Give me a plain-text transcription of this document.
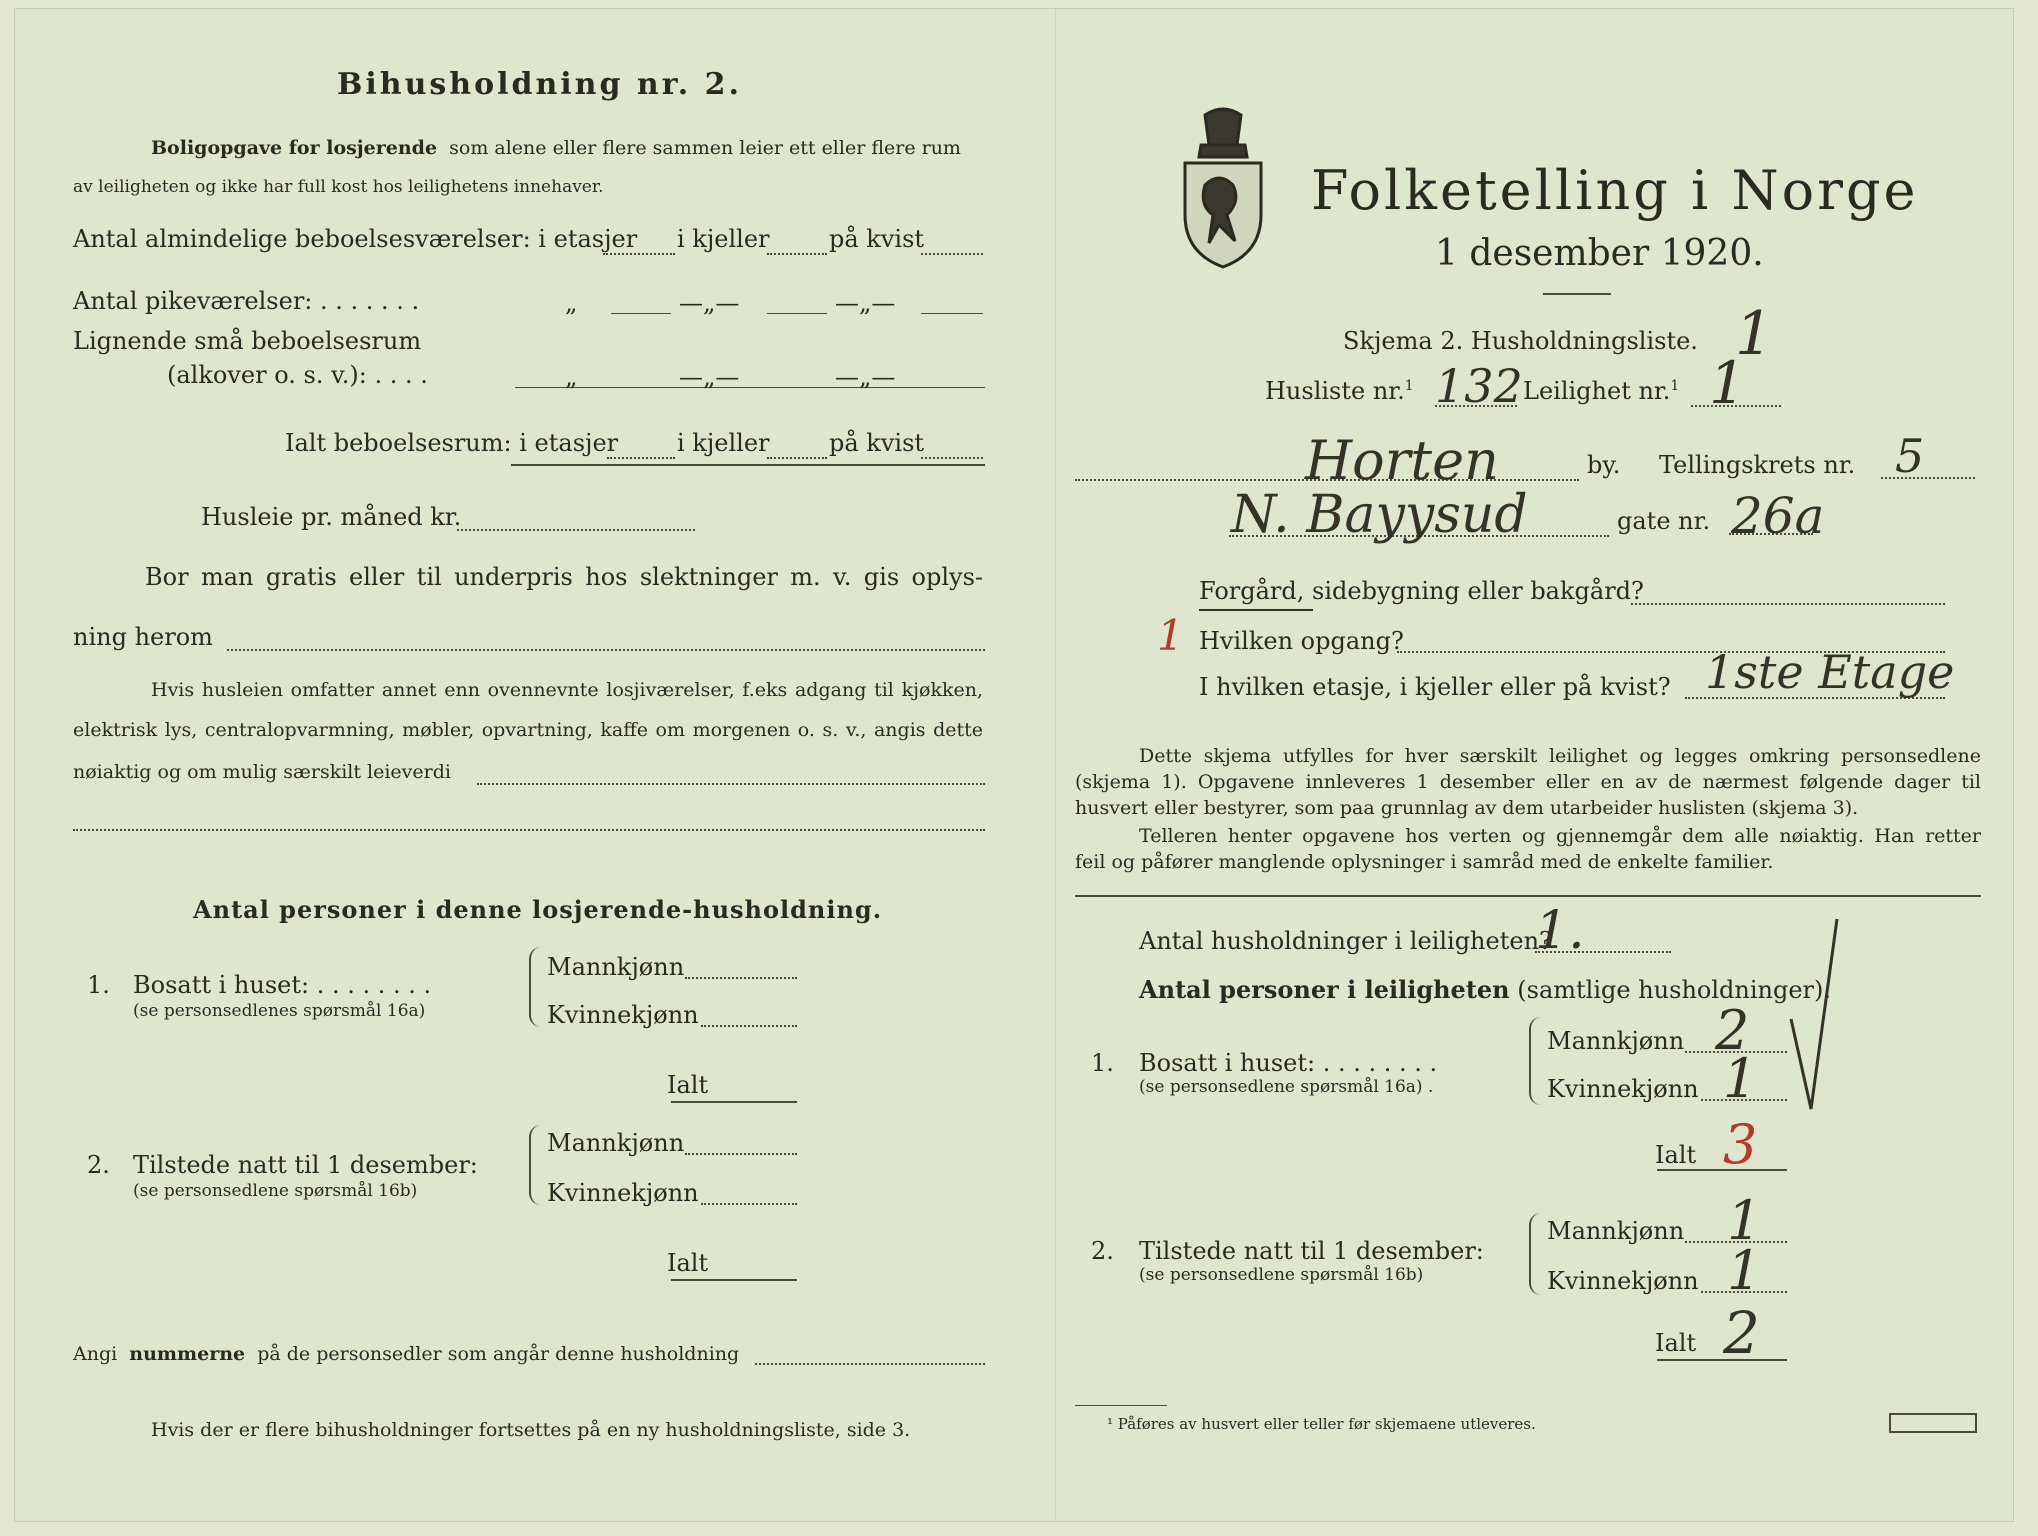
Bihusholdning nr. 2.
Boligopgave for losjerende som alene eller flere sammen leier ett eller flere rum
av leiligheten og ikke har full kost hos leilighetens innehaver.
Antal almindelige beboelsesværelser: i etasjer i kjeller på kvist
Antal pikeværelser: . . . . . . .	„	—„—	—„—
Lignende små beboelsesrum
(alkover o. s. v.): . . . .	„	—„—	—„—
Ialt beboelsesrum: i etasjer i kjeller på kvist
Husleie pr. måned kr.
Bor man gratis eller til underpris hos slektninger m. v. gis oplys-
ning herom
Hvis husleien omfatter annet enn ovennevnte losjiværelser, f.eks adgang til kjøkken,
elektrisk lys, centralopvarmning, møbler, opvartning, kaffe om morgenen o. s. v., angis dette
nøiaktig og om mulig særskilt leieverdi
Antal personer i denne losjerende-husholdning.
1. Bosatt i huset: . . . . . . . .
(se personsedlenes spørsmål 16a)
Mannkjønn
Kvinnekjønn
Ialt
2. Tilstede natt til 1 desember:
(se personsedlene spørsmål 16b)
Mannkjønn
Kvinnekjønn
Ialt
Angi nummerne på de personsedler som angår denne husholdning
Hvis der er flere bihusholdninger fortsettes på en ny husholdningsliste, side 3.
Folketelling i Norge
1 desember 1920.
Skjema 2. Husholdningsliste. 1
Husliste nr.$^1$ 132 Leilighet nr.$^1$ 1
Horten	by. Tellingskrets nr. 5
N. Bayysud	gate nr. 26a
Forgård, sidebygning eller bakgård?
1 Hvilken opgang?
I hvilken etasje, i kjeller eller på kvist? 1ste Etage
Dette skjema utfylles for hver særskilt leilighet og legges omkring personsedlene
(skjema 1). Opgavene innleveres 1 desember eller en av de nærmest følgende dager til
husvert eller bestyrer, som paa grunnlag av dem utarbeider huslisten (skjema 3).
Telleren henter opgavene hos verten og gjennemgår dem alle nøiaktig. Han retter
feil og påfører manglende oplysninger i samråd med de enkelte familier.
Antal husholdninger i leiligheten?
1.
Antal personer i leiligheten (samtlige husholdninger).
1. Bosatt i huset: . . . . . . . .
(se personsedlene spørsmål 16a) .
Mannkjønn 2
Kvinnekjønn 1
Ialt 3
2. Tilstede natt til 1 desember:
(se personsedlene spørsmål 16b)
Mannkjønn 1
Kvinnekjønn 1
Ialt 2
¹ Påføres av husvert eller teller før skjemaene utleveres.
